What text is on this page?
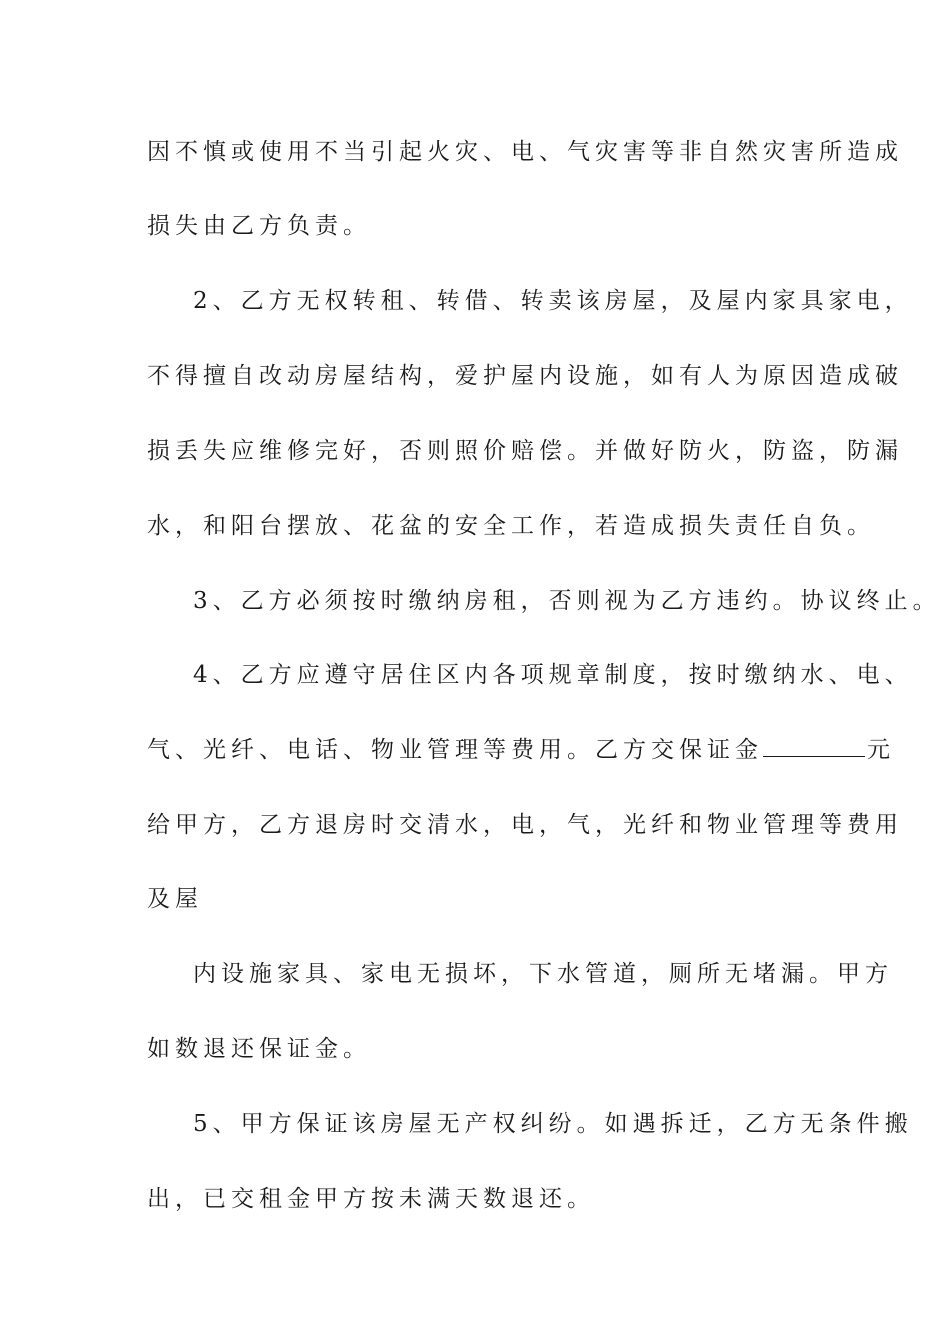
因不慎或使用不当引起火灾、电、气灾害等非自然灾害所造成
损失由乙方负责。
2、乙方无权转租、转借、转卖该房屋，及屋内家具家电，
不得擅自改动房屋结构，爱护屋内设施，如有人为原因造成破
损丢失应维修完好，否则照价赔偿。并做好防火，防盗，防漏
水，和阳台摆放、花盆的安全工作，若造成损失责任自负。
3、乙方必须按时缴纳房租，否则视为乙方违约。协议终止。
4、乙方应遵守居住区内各项规章制度，按时缴纳水、电、
气、光纤、电话、物业管理等费用。乙方交保证金	元
给甲方，乙方退房时交清水，电，气，光纤和物业管理等费用
及屋
内设施家具、家电无损坏，下水管道，厕所无堵漏。甲方
如数退还保证金。
5、甲方保证该房屋无产权纠纷。如遇拆迁，乙方无条件搬
出，已交租金甲方按未满天数退还。
